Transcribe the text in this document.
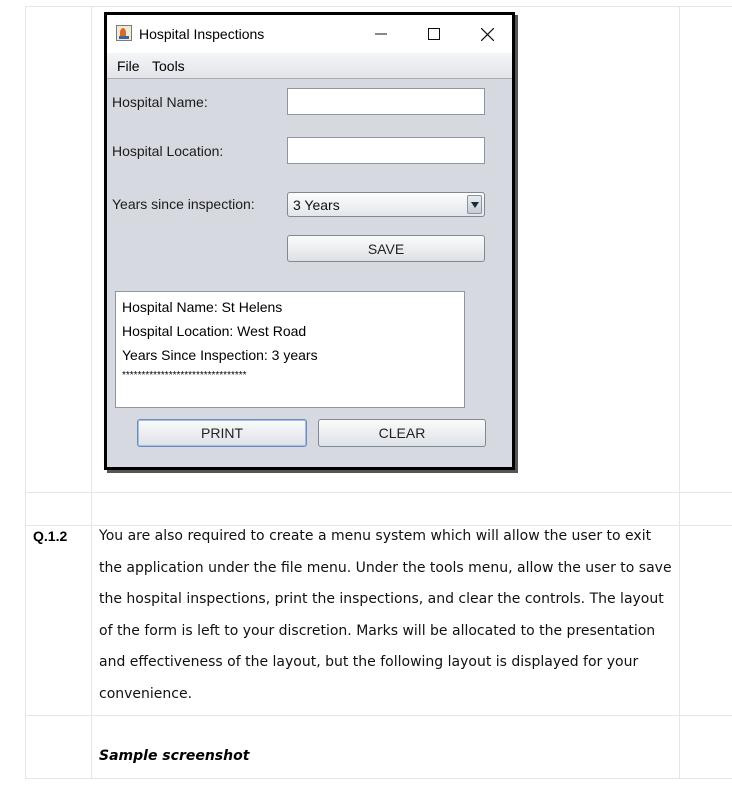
Hospital Inspections
File Tools
Hospital Name:
Hospital Location:
Years since inspection:	3 Years
SAVE
Hospital Name: St Helens
Hospital Location: West Road
Years Since Inspection: 3 years
********************************
PRINT	CLEAR
Q.1.2 You are also required to create a menu system which will allow the user to exit
the application under the file menu. Under the tools menu, allow the user to save
the hospital inspections, print the inspections, and clear the controls. The layout
of the form is left to your discretion. Marks will be allocated to the presentation
and effectiveness of the layout, but the following layout is displayed for your
convenience.
Sample screenshot
